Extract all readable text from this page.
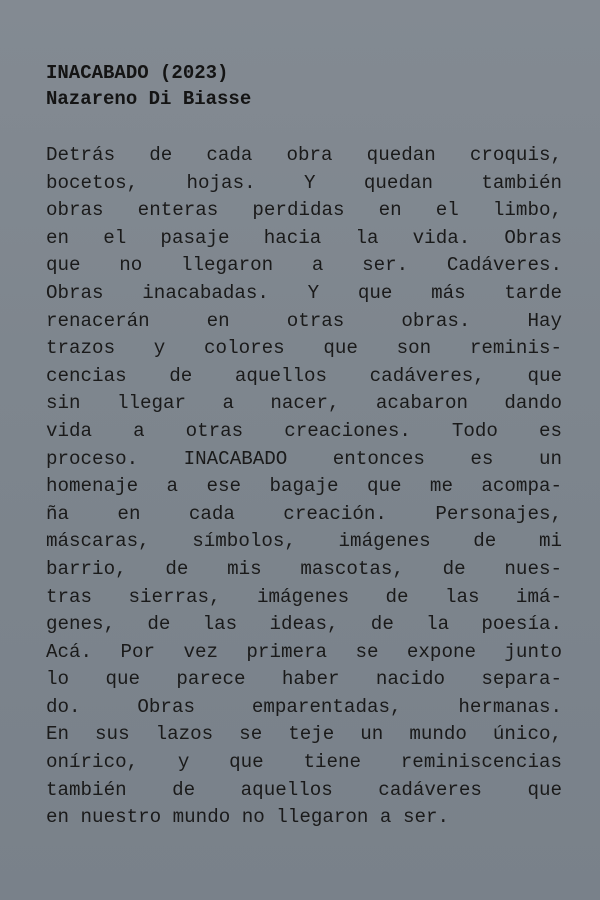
INACABADO (2023)
Nazareno Di Biasse
Detrás de cada obra quedan croquis,
bocetos, hojas. Y quedan también
obras enteras perdidas en el limbo,
en el pasaje hacia la vida. Obras
que no llegaron a ser. Cadáveres.
Obras inacabadas. Y que más tarde
renacerán en otras obras. Hay
trazos y colores que son reminis-
cencias de aquellos cadáveres, que
sin llegar a nacer, acabaron dando
vida a otras creaciones. Todo es
proceso. INACABADO entonces es un
homenaje a ese bagaje que me acompa-
ña en cada creación. Personajes,
máscaras, símbolos, imágenes de mi
barrio, de mis mascotas, de nues-
tras sierras, imágenes de las imá-
genes, de las ideas, de la poesía.
Acá. Por vez primera se expone junto
lo que parece haber nacido separa-
do. Obras emparentadas, hermanas.
En sus lazos se teje un mundo único,
onírico, y que tiene reminiscencias
también de aquellos cadáveres que
en nuestro mundo no llegaron a ser.
